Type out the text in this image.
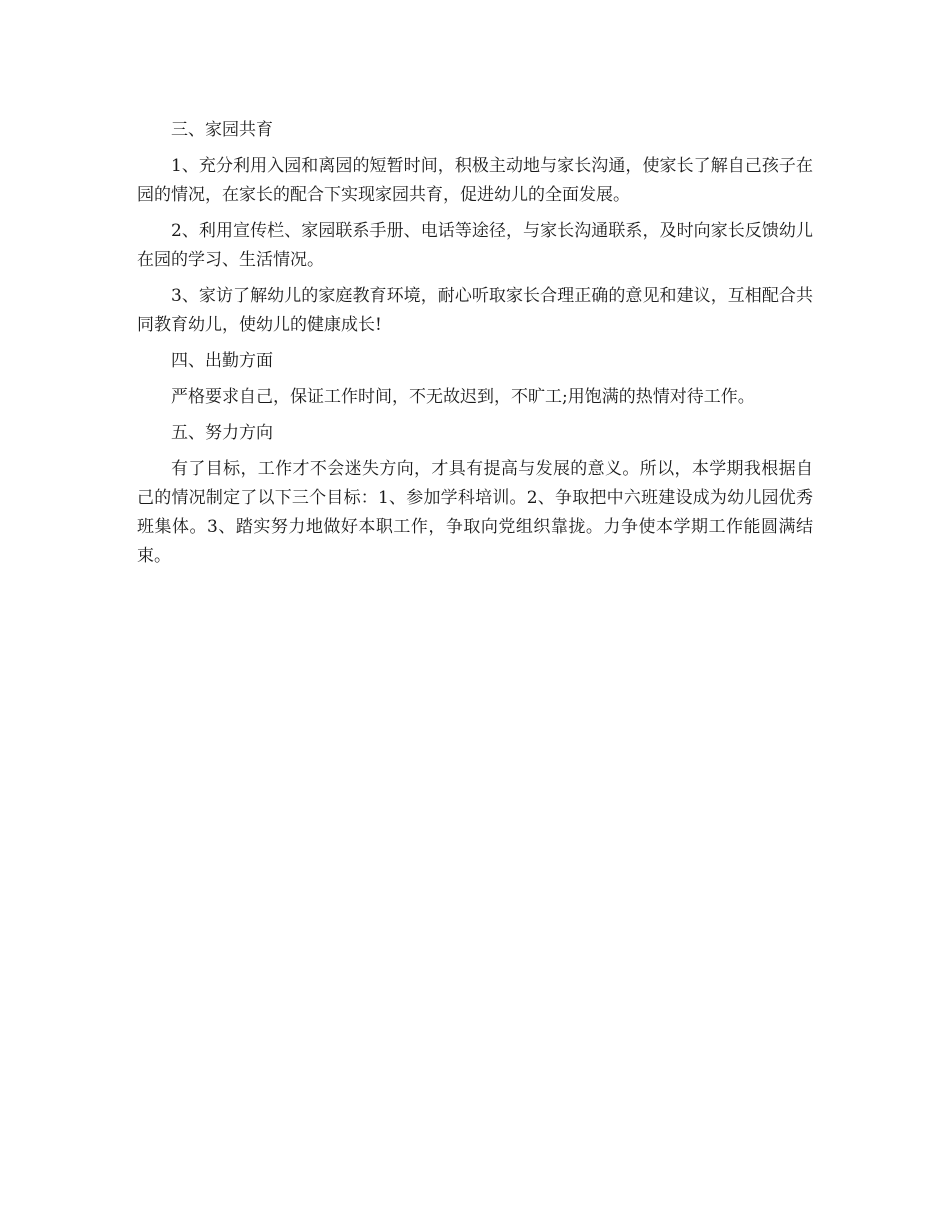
三、家园共育

1、充分利用入园和离园的短暂时间，积极主动地与家长沟通，使家长了解自己孩子在园的情况，在家长的配合下实现家园共育，促进幼儿的全面发展。

2、利用宣传栏、家园联系手册、电话等途径，与家长沟通联系，及时向家长反馈幼儿在园的学习、生活情况。

3、家访了解幼儿的家庭教育环境，耐心听取家长合理正确的意见和建议，互相配合共同教育幼儿，使幼儿的健康成长!

四、出勤方面

严格要求自己，保证工作时间，不无故迟到，不旷工;用饱满的热情对待工作。

五、努力方向

有了目标，工作才不会迷失方向，才具有提高与发展的意义。所以，本学期我根据自己的情况制定了以下三个目标：1、参加学科培训。2、争取把中六班建设成为幼儿园优秀班集体。3、踏实努力地做好本职工作，争取向党组织靠拢。力争使本学期工作能圆满结束。
